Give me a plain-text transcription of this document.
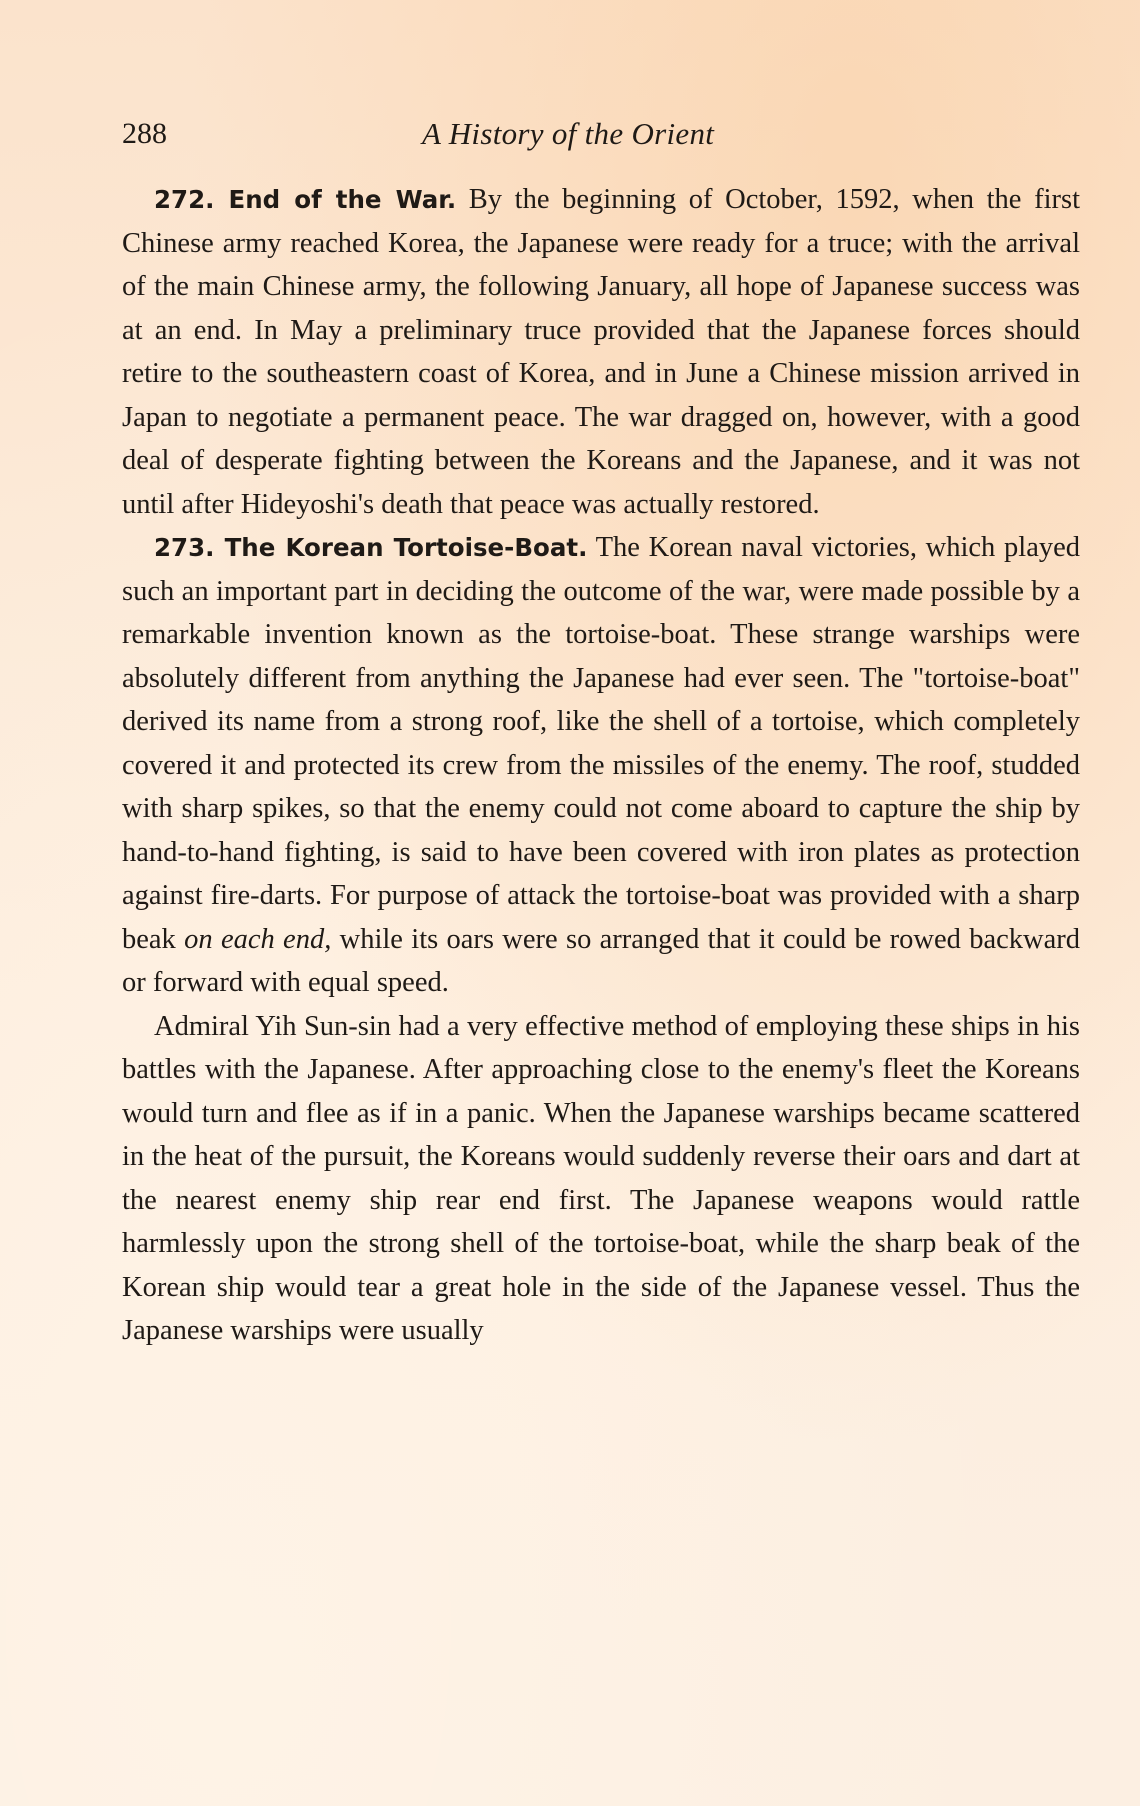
288	A History of the Orient

272. End of the War. By the beginning of October, 1592, when the first Chinese army reached Korea, the Japanese were ready for a truce; with the arrival of the main Chinese army, the following January, all hope of Japanese success was at an end. In May a preliminary truce provided that the Japanese forces should retire to the southeastern coast of Korea, and in June a Chinese mission arrived in Japan to negotiate a permanent peace. The war dragged on, however, with a good deal of desperate fighting between the Koreans and the Japanese, and it was not until after Hideyoshi's death that peace was actually restored.

273. The Korean Tortoise-Boat. The Korean naval victories, which played such an important part in deciding the outcome of the war, were made possible by a remarkable invention known as the tortoise-boat. These strange warships were absolutely different from anything the Japanese had ever seen. The "tortoise-boat" derived its name from a strong roof, like the shell of a tortoise, which completely covered it and protected its crew from the missiles of the enemy. The roof, studded with sharp spikes, so that the enemy could not come aboard to capture the ship by hand-to-hand fighting, is said to have been covered with iron plates as protection against fire-darts. For purpose of attack the tortoise-boat was provided with a sharp beak on each end, while its oars were so arranged that it could be rowed backward or forward with equal speed.

Admiral Yih Sun-sin had a very effective method of employing these ships in his battles with the Japanese. After approaching close to the enemy's fleet the Koreans would turn and flee as if in a panic. When the Japanese warships became scattered in the heat of the pursuit, the Koreans would suddenly reverse their oars and dart at the nearest enemy ship rear end first. The Japanese weapons would rattle harmlessly upon the strong shell of the tortoise-boat, while the sharp beak of the Korean ship would tear a great hole in the side of the Japanese vessel. Thus the Japanese warships were usually
